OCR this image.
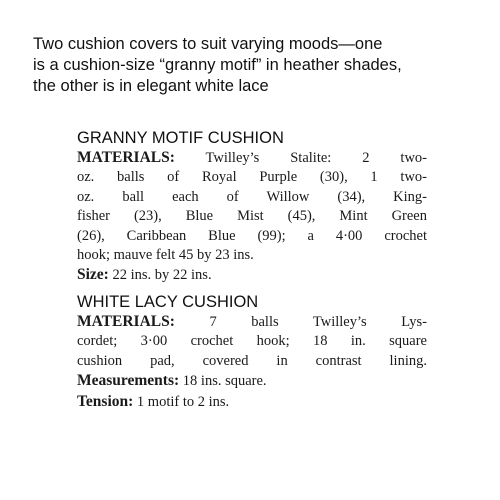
Two cushion covers to suit varying moods—one
is a cushion-size “granny motif” in heather shades,
the other is in elegant white lace
GRANNY MOTIF CUSHION
MATERIALS: Twilley’s Stalite: 2 two-
oz. balls of Royal Purple (30), 1 two-
oz. ball each of Willow (34), King-
fisher (23), Blue Mist (45), Mint Green
(26), Caribbean Blue (99); a 4·00 crochet
hook; mauve felt 45 by 23 ins.
Size: 22 ins. by 22 ins.
WHITE LACY CUSHION
MATERIALS: 7 balls Twilley’s Lys-
cordet; 3·00 crochet hook; 18 in. square
cushion pad, covered in contrast lining.
Measurements: 18 ins. square.
Tension: 1 motif to 2 ins.
